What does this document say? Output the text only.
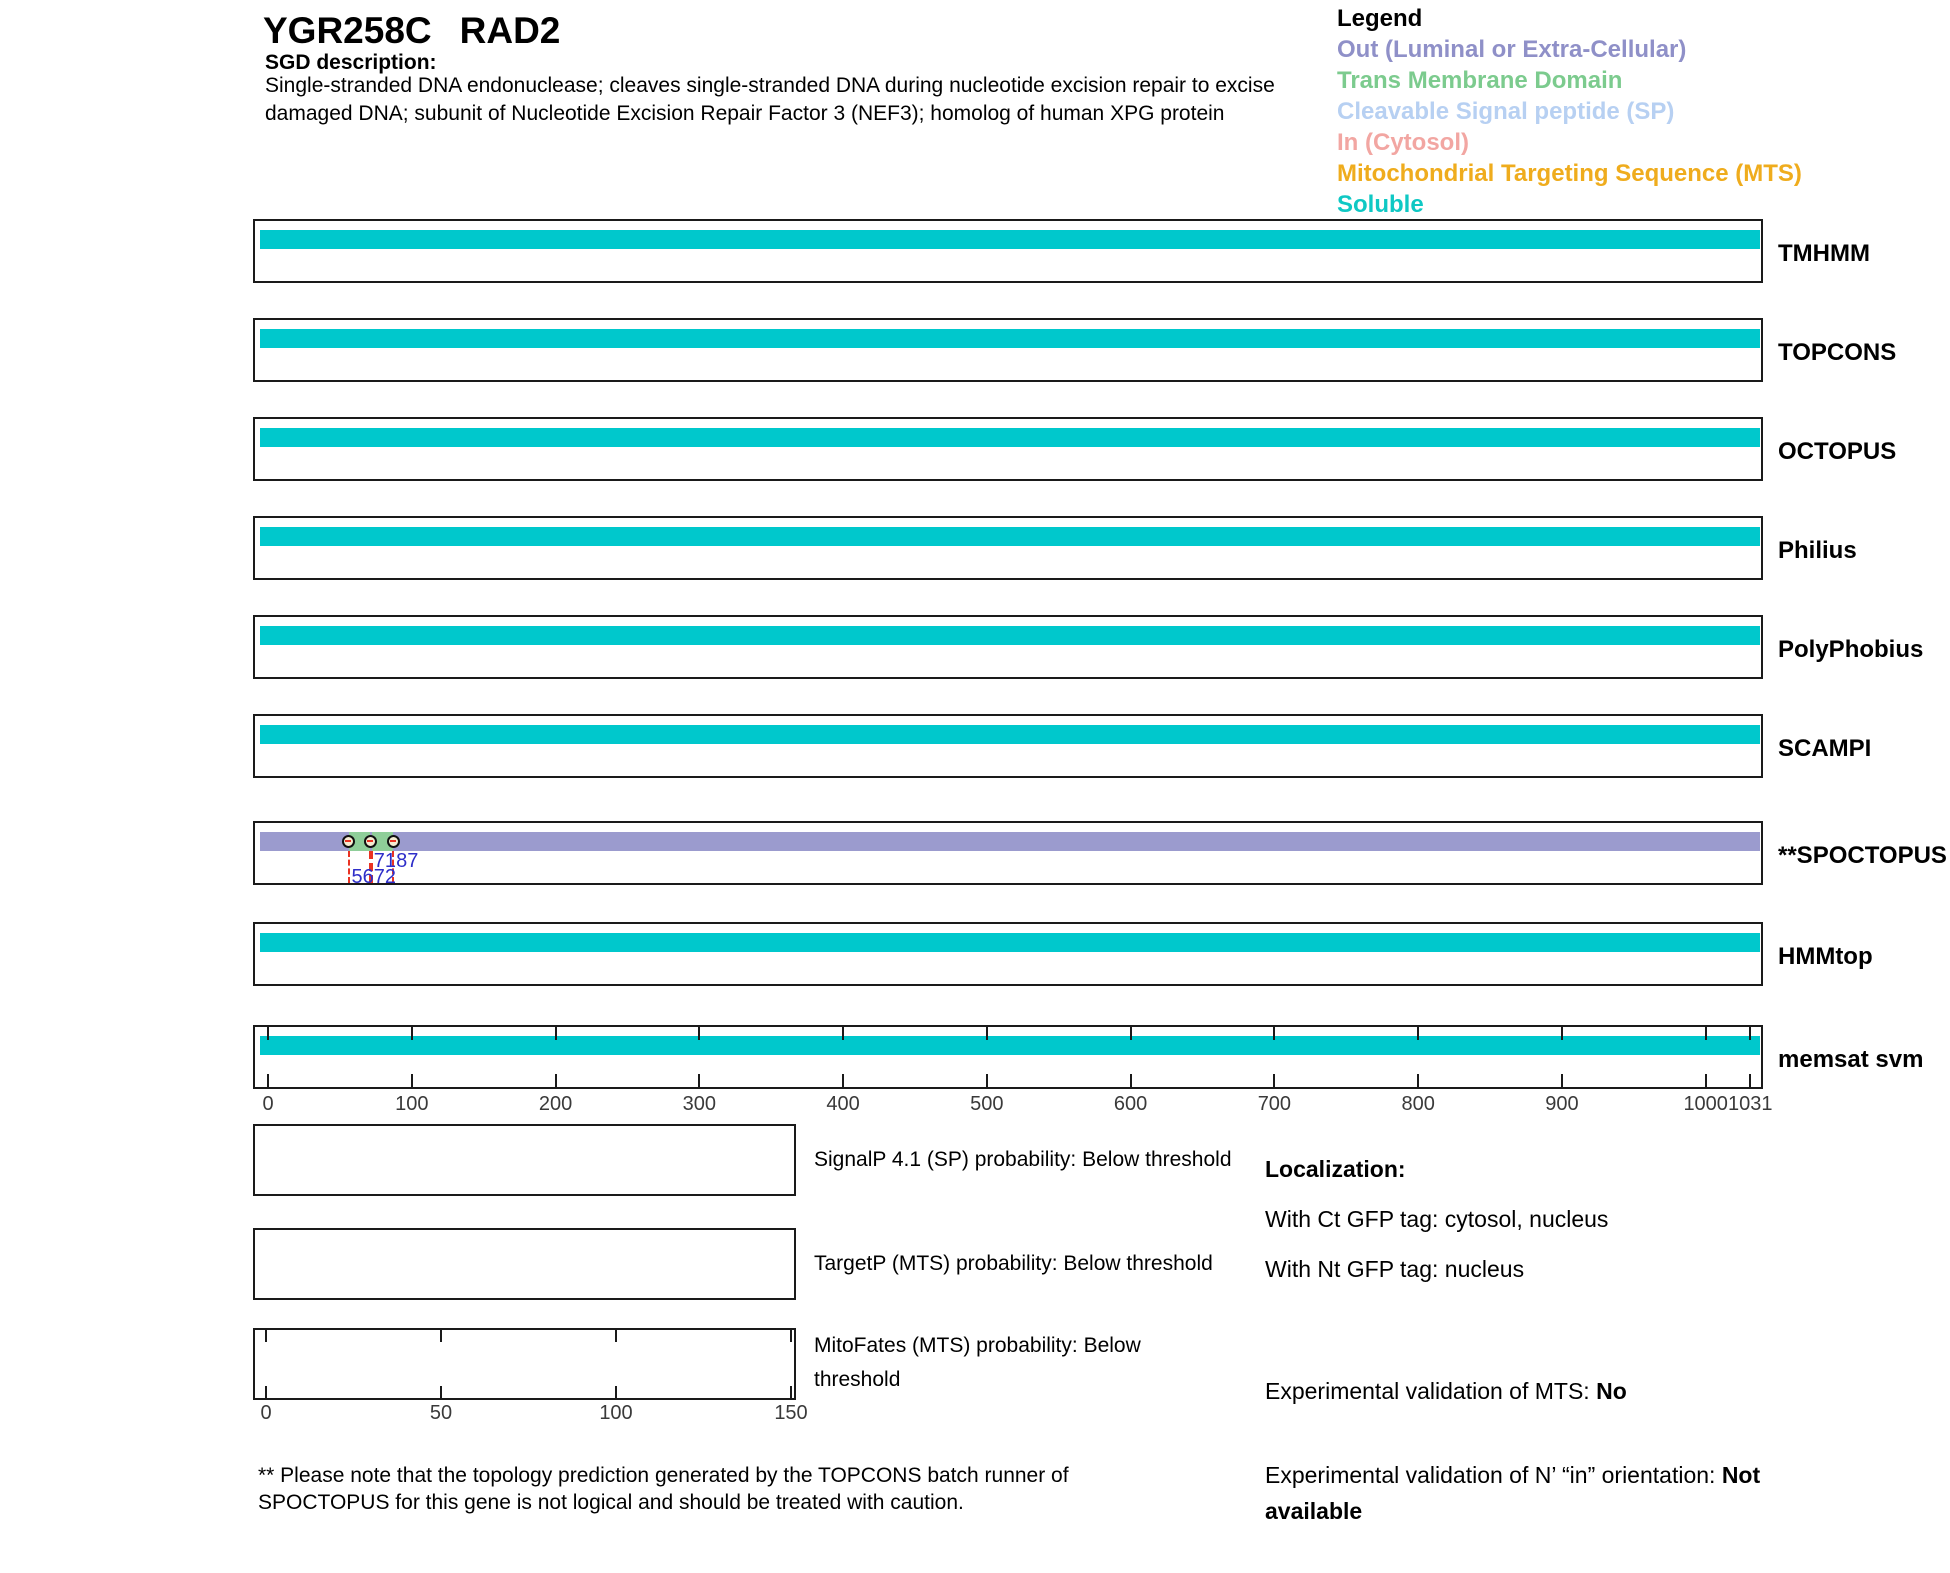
YGR258C RAD2
SGD description:
Single-stranded DNA endonuclease; cleaves single-stranded DNA during nucleotide excision repair to excise
damaged DNA; subunit of Nucleotide Excision Repair Factor 3 (NEF3); homolog of human XPG protein
Legend
Out (Luminal or Extra-Cellular)
Trans Membrane Domain
Cleavable Signal peptide (SP)
In (Cytosol)
Mitochondrial Targeting Sequence (MTS)
Soluble
TMHMM
TOPCONS
OCTOPUS
Philius
PolyPhobius
SCAMPI
71 87
56 72
**SPOCTOPUS
HMMtop
memsat svm
0	100	200	300	400	500	600	700	800	900	1000 1031
0	50	100	150
SignalP 4.1 (SP) probability: Below threshold
TargetP (MTS) probability: Below threshold
MitoFates (MTS) probability: Below
threshold
Localization:
With Ct GFP tag: cytosol, nucleus
With Nt GFP tag: nucleus
Experimental validation of MTS: No
Experimental validation of N’ “in” orientation: Not available
** Please note that the topology prediction generated by the TOPCONS batch runner of
SPOCTOPUS for this gene is not logical and should be treated with caution.
